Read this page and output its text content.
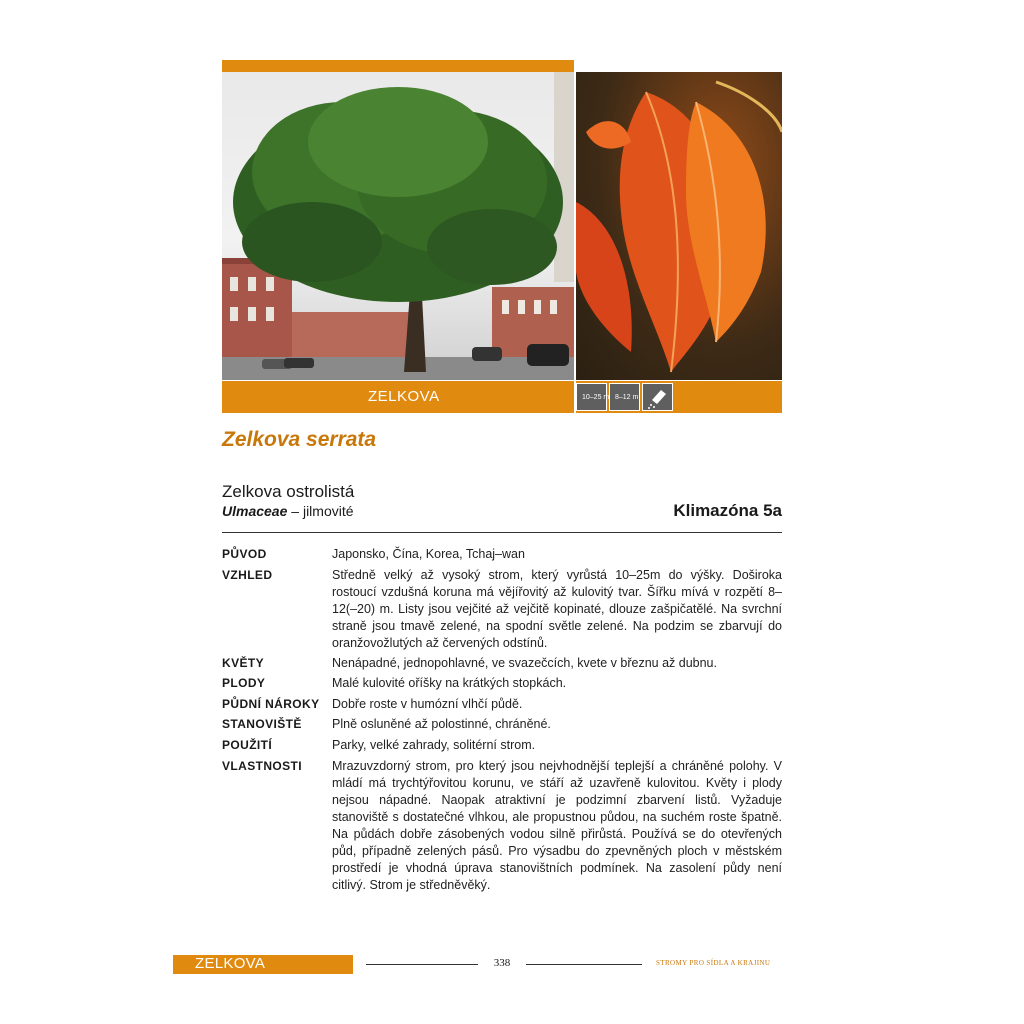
ZELKOVA	10–25 m 8–12 m
Zelkova serrata
Zelkova ostrolistá
Ulmaceae – jilmovité	Klimazóna 5a
PŮVOD	Japonsko, Čína, Korea, Tchaj–wan
VZHLED	Středně velký až vysoký strom, který vyrůstá 10–25m do výšky. Doširoka rostoucí vzdušná koruna má vějířovitý až kulovitý tvar. Šířku mívá v rozpětí 8–12(–20) m. Listy jsou vejčité až vejčitě kopinaté, dlouze zašpičatělé. Na svrchní straně jsou tmavě zelené, na spodní světle zelené. Na podzim se zbarvují do oranžovožlutých až červených odstínů.
KVĚTY	Nenápadné, jednopohlavné, ve svazečcích, kvete v březnu až dubnu.
PLODY	Malé kulovité oříšky na krátkých stopkách.
PŮDNÍ NÁROKY Dobře roste v humózní vlhčí půdě.
STANOVIŠTĚ Plně osluněné až polostinné, chráněné.
POUŽITÍ	Parky, velké zahrady, solitérní strom.
VLASTNOSTI Mrazuvzdorný strom, pro který jsou nejvhodnější teplejší a chráněné polohy. V mládí má trychtýřovitou korunu, ve stáří až uzavřeně kulovitou. Květy i plody nejsou nápadné. Naopak atraktivní je podzimní zbarvení listů. Vyžaduje stanoviště s dostatečné vlhkou, ale propustnou půdou, na suchém roste špatně. Na půdách dobře zásobených vodou silně přirůstá. Používá se do otevřených půd, případně zelených pásů. Pro výsadbu do zpevněných ploch v městském prostředí je vhodná úprava stanovištních podmínek. Na zasolení půdy není citlivý. Strom je středněvěký.
ZELKOVA	338	STROMY PRO SÍDLA A KRAJINU
